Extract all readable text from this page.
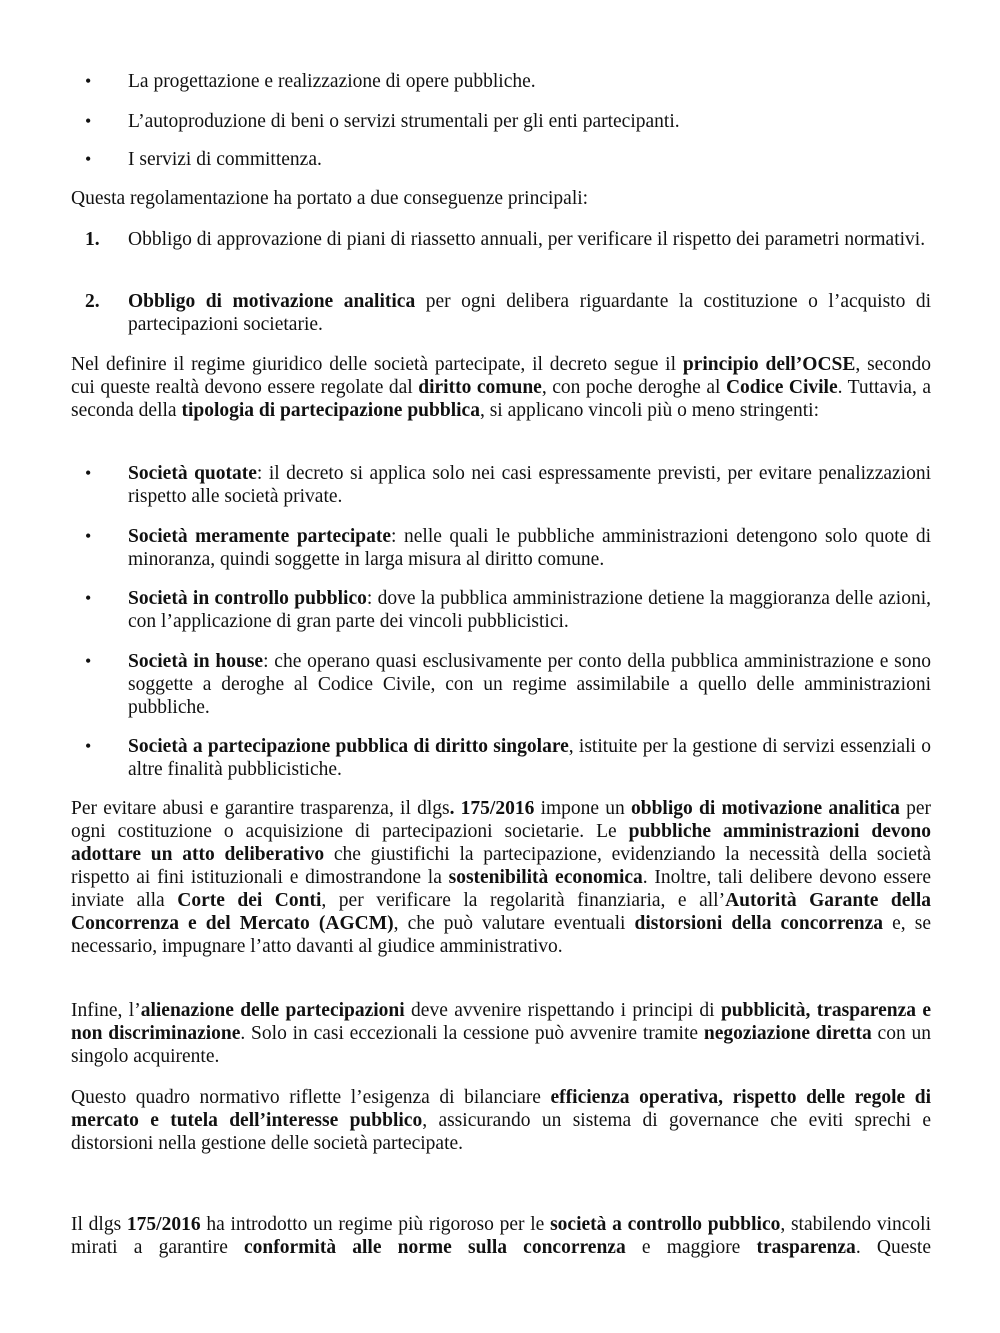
• La progettazione e realizzazione di opere pubbliche.
• L’autoproduzione di beni o servizi strumentali per gli enti partecipanti.
• I servizi di committenza.
Questa regolamentazione ha portato a due conseguenze principali:
1. Obbligo di approvazione di piani di riassetto annuali, per verificare il rispetto dei parametri normativi.
2. Obbligo di motivazione analitica per ogni delibera riguardante la costituzione o l’acquisto di partecipazioni societarie.
Nel definire il regime giuridico delle società partecipate, il decreto segue il principio dell’OCSE, secondo cui queste realtà devono essere regolate dal diritto comune, con poche deroghe al Codice Civile. Tuttavia, a seconda della tipologia di partecipazione pubblica, si applicano vincoli più o meno stringenti:
• Società quotate: il decreto si applica solo nei casi espressamente previsti, per evitare penalizzazioni rispetto alle società private.
• Società meramente partecipate: nelle quali le pubbliche amministrazioni detengono solo quote di minoranza, quindi soggette in larga misura al diritto comune.
• Società in controllo pubblico: dove la pubblica amministrazione detiene la maggioranza delle azioni, con l’applicazione di gran parte dei vincoli pubblicistici.
• Società in house: che operano quasi esclusivamente per conto della pubblica amministrazione e sono soggette a deroghe al Codice Civile, con un regime assimilabile a quello delle amministrazioni pubbliche.
• Società a partecipazione pubblica di diritto singolare, istituite per la gestione di servizi essenziali o altre finalità pubblicistiche.
Per evitare abusi e garantire trasparenza, il dlgs. 175/2016 impone un obbligo di motivazione analitica per ogni costituzione o acquisizione di partecipazioni societarie. Le pubbliche amministrazioni devono adottare un atto deliberativo che giustifichi la partecipazione, evidenziando la necessità della società rispetto ai fini istituzionali e dimostrandone la sostenibilità economica. Inoltre, tali delibere devono essere inviate alla Corte dei Conti, per verificare la regolarità finanziaria, e all’Autorità Garante della Concorrenza e del Mercato (AGCM), che può valutare eventuali distorsioni della concorrenza e, se necessario, impugnare l’atto davanti al giudice amministrativo.
Infine, l’alienazione delle partecipazioni deve avvenire rispettando i principi di pubblicità, trasparenza e non discriminazione. Solo in casi eccezionali la cessione può avvenire tramite negoziazione diretta con un singolo acquirente.
Questo quadro normativo riflette l’esigenza di bilanciare efficienza operativa, rispetto delle regole di mercato e tutela dell’interesse pubblico, assicurando un sistema di governance che eviti sprechi e distorsioni nella gestione delle società partecipate.
Il dlgs 175/2016 ha introdotto un regime più rigoroso per le società a controllo pubblico, stabilendo vincoli mirati a garantire conformità alle norme sulla concorrenza e maggiore trasparenza. Queste
